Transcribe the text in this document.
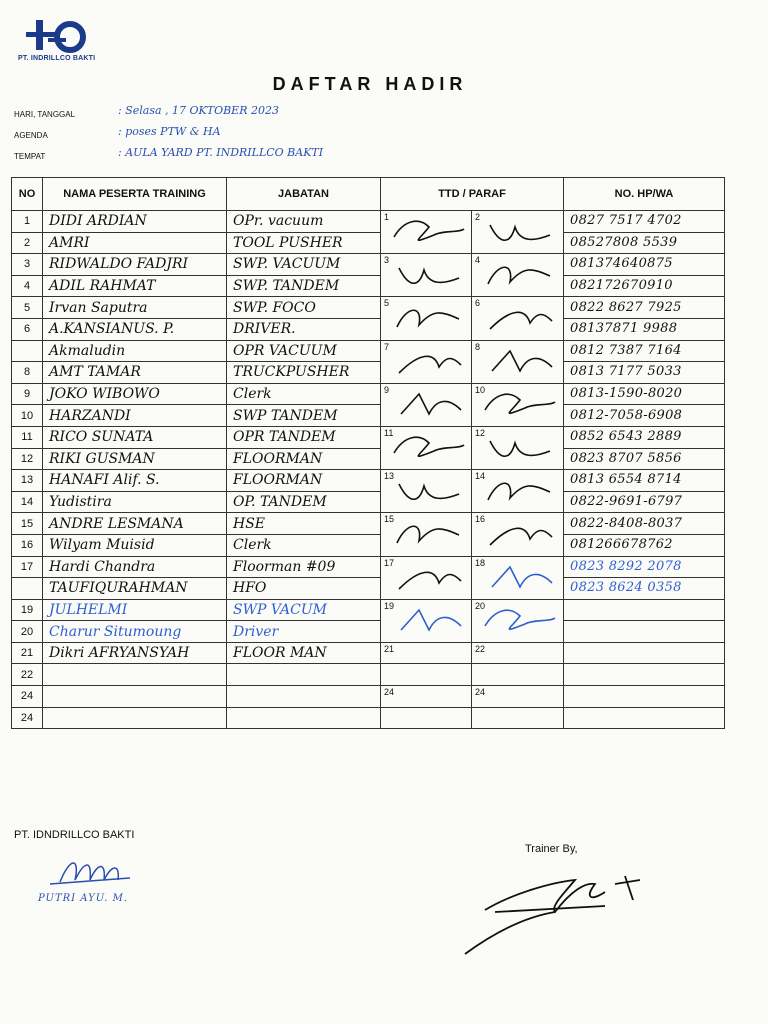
PT. INDRILLCO BAKTI
DAFTAR HADIR
HARI, TANGGAL	: Selasa , 17 OKTOBER 2023
AGENDA	: poses PTW & HA
TEMPAT	: AULA YARD PT. INDRILLCO BAKTI
NO	NAMA PESERTA TRAINING	JABATAN	TTD / PARAF		NO. HP/WA
1	DIDI ARDIAN	OPr. vacuum	1	2	0827 7517 4702

2	AMRI	TOOL PUSHER			08527808 5539

3	RIDWALDO FADJRI	SWP. VACUUM	3	4	081374640875

4	ADIL RAHMAT	SWP. TANDEM			082172670910

5	Irvan Saputra	SWP. FOCO	5	6	0822 8627 7925

6	A.KANSIANUS. P.	DRIVER.			08137871 9988

	Akmaludin	OPR VACUUM	7	8	0812 7387 7164

8	AMT TAMAR	TRUCKPUSHER			0813 7177 5033

9	JOKO WIBOWO	Clerk	9	10	0813-1590-8020

10	HARZANDI	SWP TANDEM			0812-7058-6908

11	RICO SUNATA	OPR TANDEM	11	12	0852 6543 2889

12	RIKI GUSMAN	FLOORMAN			0823 8707 5856

13	HANAFI Alif. S.	FLOORMAN	13	14	0813 6554 8714

14	Yudistira	OP. TANDEM			0822-9691-6797

15	ANDRE LESMANA	HSE	15	16	0822-8408-8037

16	Wilyam Muisid	Clerk			081266678762

17	Hardi Chandra	Floorman #09	17	18	0823 8292 2078

	TAUFIQURAHMAN	HFO			0823 8624 0358

19	JULHELMI	SWP VACUM	19	20	

20	Charur Situmoung	Driver			

21	Dikri AFRYANSYAH	FLOOR MAN	21	22	

22	

24			24	24	

24	

PT. IDNDRILLCO BAKTI
PUTRI AYU. M.
Trainer By,
